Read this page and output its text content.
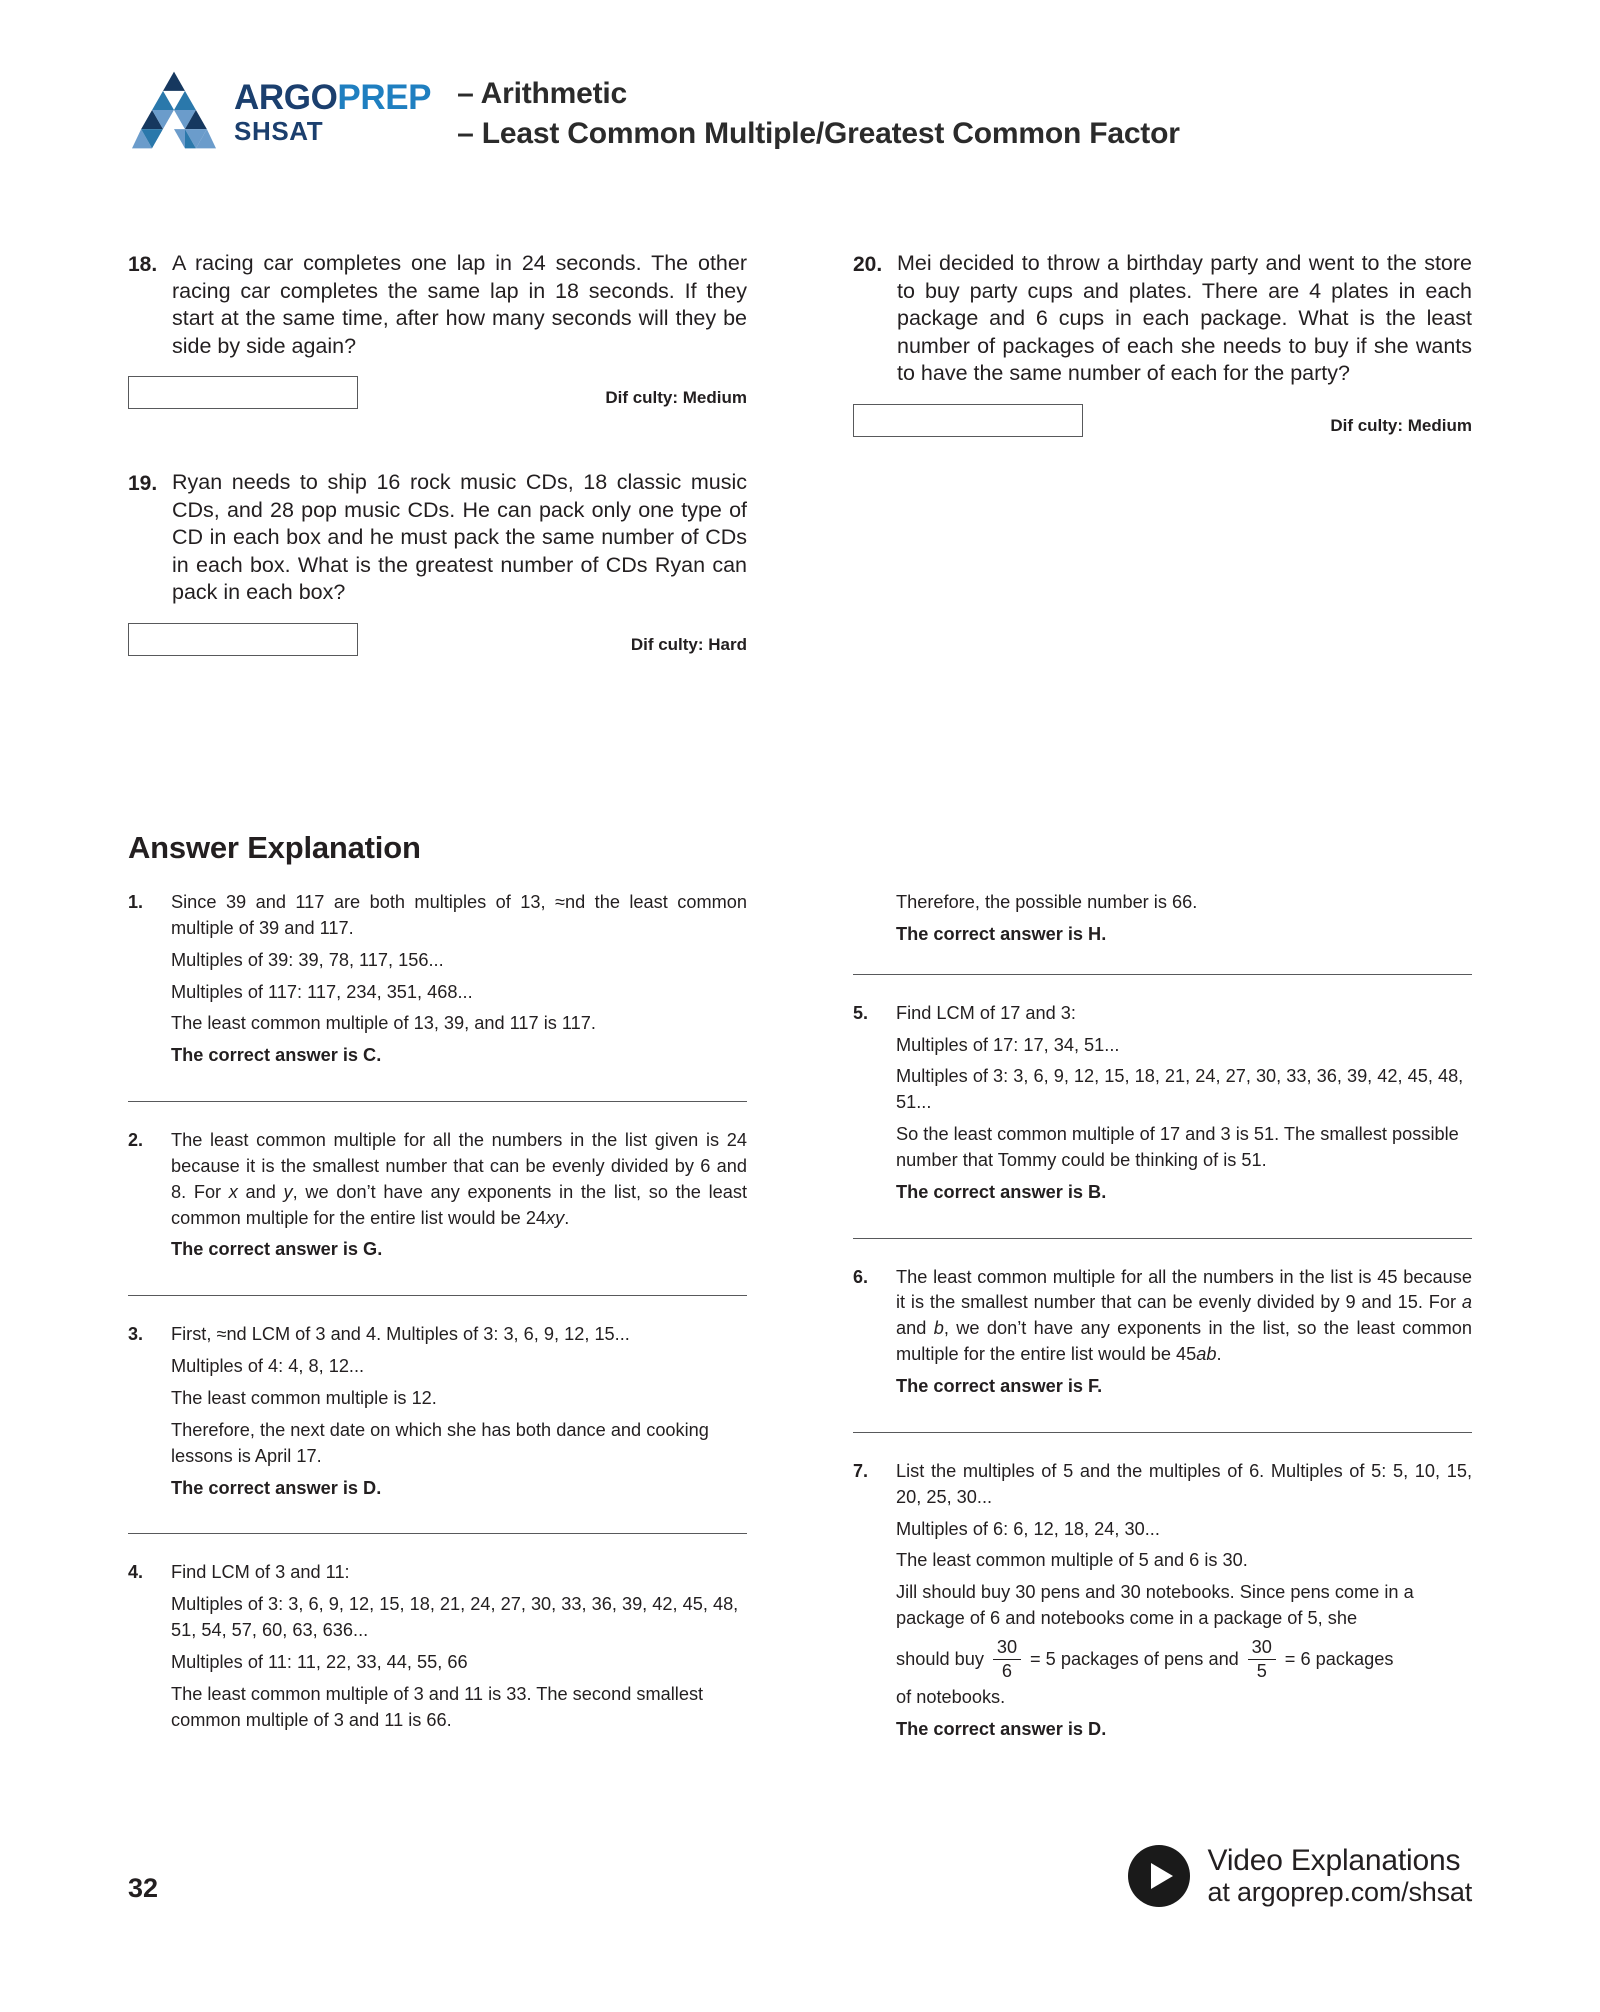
ARGOPREP
SHSAT
– Arithmetic
– Least Common Multiple/Greatest Common Factor
18. A racing car completes one lap in 24 seconds. The other racing car completes the same lap in 18 seconds. If they start at the same time, after how many seconds will they be side by side again?
Dif culty: Medium
19. Ryan needs to ship 16 rock music CDs, 18 classic music CDs, and 28 pop music CDs. He can pack only one type of CD in each box and he must pack the same number of CDs in each box. What is the greatest number of CDs Ryan can pack in each box?
Dif culty: Hard
20. Mei decided to throw a birthday party and went to the store to buy party cups and plates. There are 4 plates in each package and 6 cups in each package. What is the least number of packages of each she needs to buy if she wants to have the same number of each for the party?
Dif culty: Medium
Answer Explanation
1.	Since 39 and 117 are both multiples of 13, ≈nd the least common multiple of 39 and 117.
Multiples of 39: 39, 78, 117, 156...
Multiples of 117: 117, 234, 351, 468...
The least common multiple of 13, 39, and 117 is 117.
The correct answer is C.
2.	The least common multiple for all the numbers in the list given is 24 because it is the smallest number that can be evenly divided by 6 and 8. For x and y, we don’t have any exponents in the list, so the least common multiple for the entire list would be 24xy.
The correct answer is G.
3.	First, ≈nd LCM of 3 and 4. Multiples of 3: 3, 6, 9, 12, 15...
Multiples of 4: 4, 8, 12...
The least common multiple is 12.
Therefore, the next date on which she has both dance and cooking lessons is April 17.
The correct answer is D.
4.	Find LCM of 3 and 11:
Multiples of 3: 3, 6, 9, 12, 15, 18, 21, 24, 27, 30, 33, 36, 39, 42, 45, 48, 51, 54, 57, 60, 63, 636...
Multiples of 11: 11, 22, 33, 44, 55, 66
The least common multiple of 3 and 11 is 33. The second smallest common multiple of 3 and 11 is 66.
Therefore, the possible number is 66.
The correct answer is H.
5.	Find LCM of 17 and 3:
Multiples of 17: 17, 34, 51...
Multiples of 3: 3, 6, 9, 12, 15, 18, 21, 24, 27, 30, 33, 36, 39, 42, 45, 48, 51...
So the least common multiple of 17 and 3 is 51. The smallest possible number that Tommy could be thinking of is 51.
The correct answer is B.
6.	The least common multiple for all the numbers in the list is 45 because it is the smallest number that can be evenly divided by 9 and 15. For a and b, we don’t have any exponents in the list, so the least common multiple for the entire list would be 45ab.
The correct answer is F.
7.	List the multiples of 5 and the multiples of 6. Multiples of 5: 5, 10, 15, 20, 25, 30...
Multiples of 6: 6, 12, 18, 24, 30...
The least common multiple of 5 and 6 is 30.
Jill should buy 30 pens and 30 notebooks. Since pens come in a package of 6 and notebooks come in a package of 5, she
should buy $\frac{30}{6} = 5$ packages of pens and $\frac{30}{5} = 6$ packages
of notebooks.
The correct answer is D.
32
Video Explanations
at argoprep.com/shsat
